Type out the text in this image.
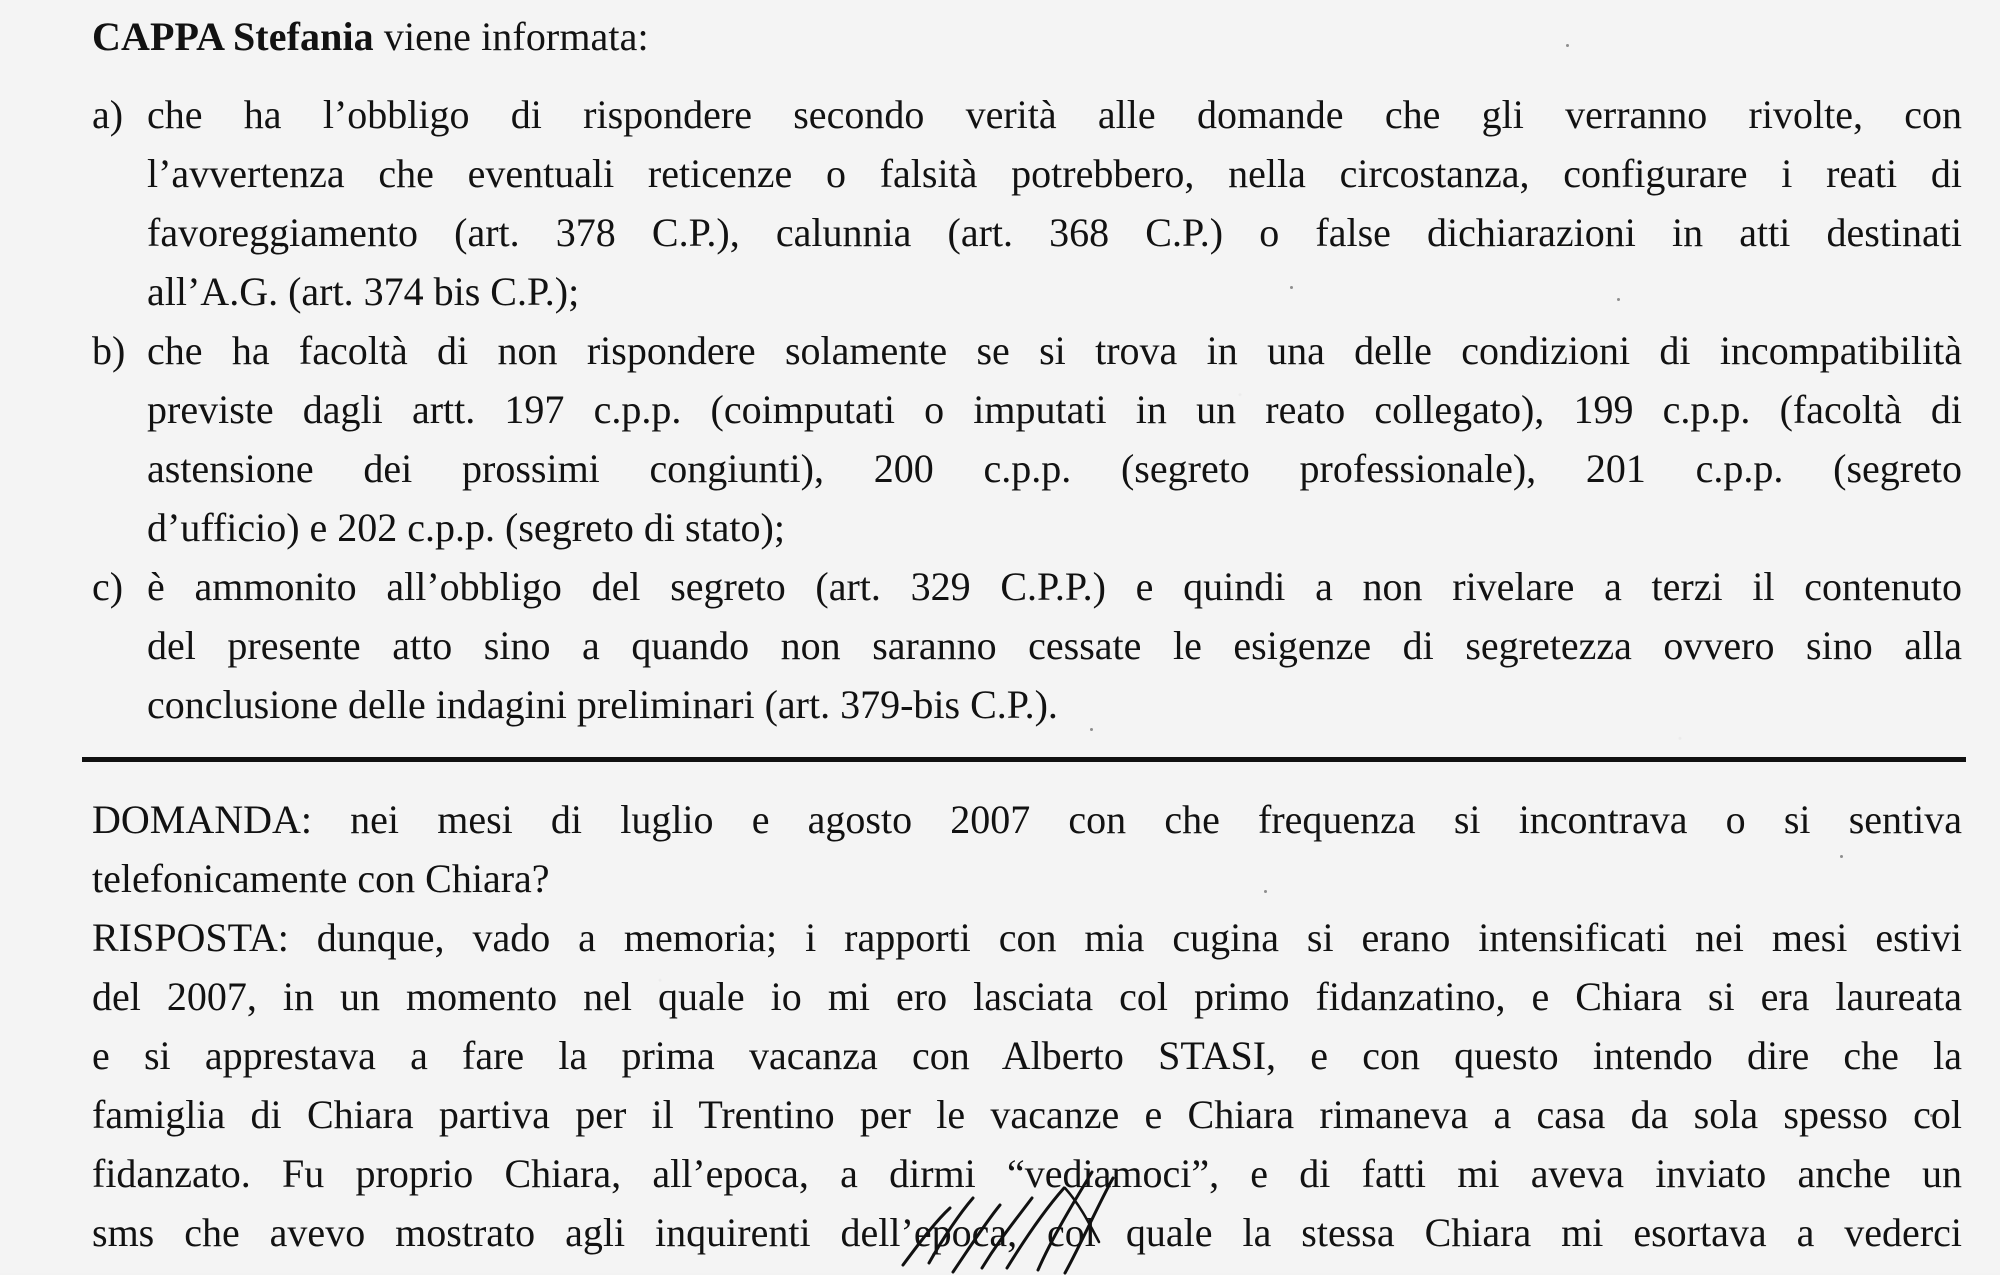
CAPPA Stefania viene informata:
a) che ha l’obbligo di rispondere secondo verità alle domande che gli verranno rivolte, con
l’avvertenza che eventuali reticenze o falsità potrebbero, nella circostanza, configurare i reati di
favoreggiamento (art. 378 C.P.), calunnia (art. 368 C.P.) o false dichiarazioni in atti destinati
all’A.G. (art. 374 bis C.P.);
b) che ha facoltà di non rispondere solamente se si trova in una delle condizioni di incompatibilità
previste dagli artt. 197 c.p.p. (coimputati o imputati in un reato collegato), 199 c.p.p. (facoltà di
astensione dei prossimi congiunti), 200 c.p.p. (segreto professionale), 201 c.p.p. (segreto
d’ufficio) e 202 c.p.p. (segreto di stato);
c) è ammonito all’obbligo del segreto (art. 329 C.P.P.) e quindi a non rivelare a terzi il contenuto
del presente atto sino a quando non saranno cessate le esigenze di segretezza ovvero sino alla
conclusione delle indagini preliminari (art. 379-bis C.P.).
DOMANDA: nei mesi di luglio e agosto 2007 con che frequenza si incontrava o si sentiva
telefonicamente con Chiara?
RISPOSTA: dunque, vado a memoria; i rapporti con mia cugina si erano intensificati nei mesi estivi
del 2007, in un momento nel quale io mi ero lasciata col primo fidanzatino, e Chiara si era laureata
e si apprestava a fare la prima vacanza con Alberto STASI, e con questo intendo dire che la
famiglia di Chiara partiva per il Trentino per le vacanze e Chiara rimaneva a casa da sola spesso col
fidanzato. Fu proprio Chiara, all’epoca, a dirmi “vediamoci”, e di fatti mi aveva inviato anche un
sms che avevo mostrato agli inquirenti dell’epoca, col quale la stessa Chiara mi esortava a vederci
